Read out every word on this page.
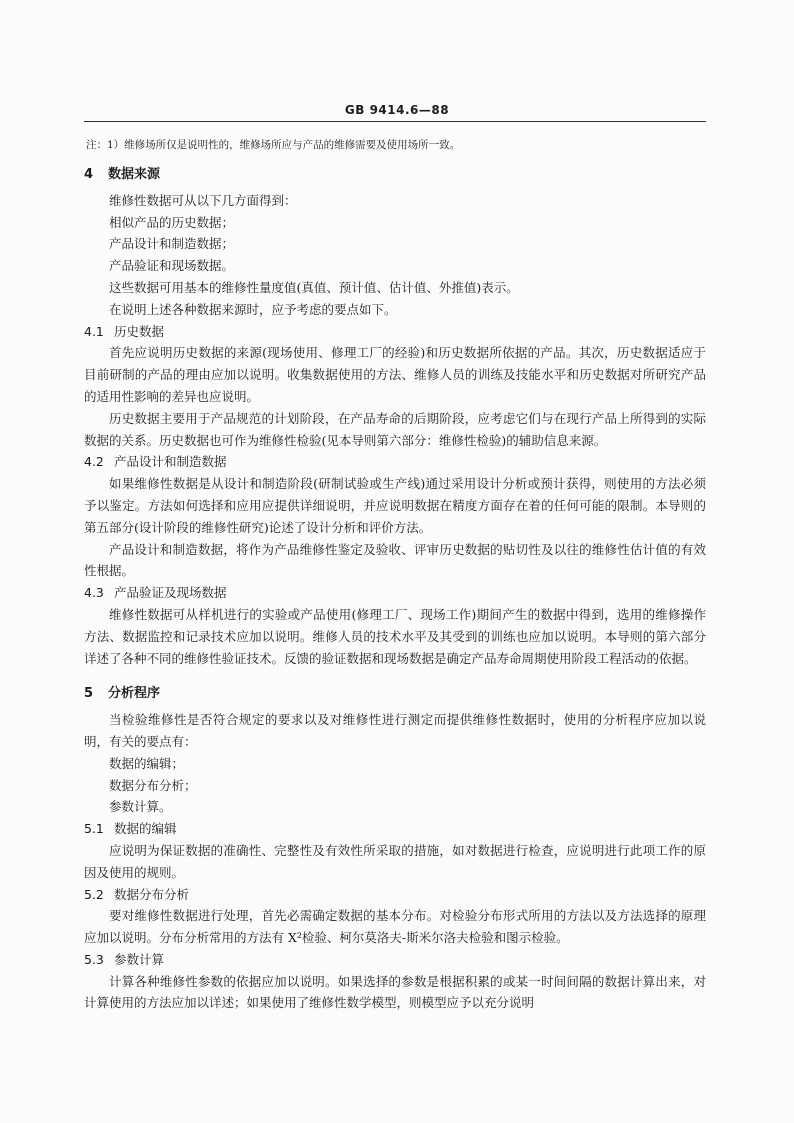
GB 9414.6—88
注：1）维修场所仅是说明性的，维修场所应与产品的维修需要及使用场所一致。

4 数据来源

维修性数据可从以下几方面得到：

相似产品的历史数据；

产品设计和制造数据；

产品验证和现场数据。

这些数据可用基本的维修性量度值(真值、预计值、估计值、外推值)表示。

在说明上述各种数据来源时，应予考虑的要点如下。

4.1 历史数据

首先应说明历史数据的来源(现场使用、修理工厂的经验)和历史数据所依据的产品。其次，历史数据适应于目前研制的产品的理由应加以说明。收集数据使用的方法、维修人员的训练及技能水平和历史数据对所研究产品的适用性影响的差异也应说明。

历史数据主要用于产品规范的计划阶段，在产品寿命的后期阶段，应考虑它们与在现行产品上所得到的实际数据的关系。历史数据也可作为维修性检验(见本导则第六部分：维修性检验)的辅助信息来源。

4.2 产品设计和制造数据

如果维修性数据是从设计和制造阶段(研制试验或生产线)通过采用设计分析或预计获得，则使用的方法必须予以鉴定。方法如何选择和应用应提供详细说明，并应说明数据在精度方面存在着的任何可能的限制。本导则的第五部分(设计阶段的维修性研究)论述了设计分析和评价方法。

产品设计和制造数据，将作为产品维修性鉴定及验收、评审历史数据的贴切性及以往的维修性估计值的有效性根据。

4.3 产品验证及现场数据

维修性数据可从样机进行的实验或产品使用(修理工厂、现场工作)期间产生的数据中得到，选用的维修操作方法、数据监控和记录技术应加以说明。维修人员的技术水平及其受到的训练也应加以说明。本导则的第六部分详述了各种不同的维修性验证技术。反馈的验证数据和现场数据是确定产品寿命周期使用阶段工程活动的依据。

5 分析程序

当检验维修性是否符合规定的要求以及对维修性进行测定而提供维修性数据时，使用的分析程序应加以说明，有关的要点有：

数据的编辑；

数据分布分析；

参数计算。

5.1 数据的编辑

应说明为保证数据的准确性、完整性及有效性所采取的措施，如对数据进行检查，应说明进行此项工作的原因及使用的规则。

5.2 数据分布分析

要对维修性数据进行处理，首先必需确定数据的基本分布。对检验分布形式所用的方法以及方法选择的原理应加以说明。分布分析常用的方法有 X²检验、柯尔莫洛夫-斯米尔洛夫检验和图示检验。

5.3 参数计算

计算各种维修性参数的依据应加以说明。如果选择的参数是根据积累的或某一时间间隔的数据计算出来，对计算使用的方法应加以详述；如果使用了维修性数学模型，则模型应予以充分说明
